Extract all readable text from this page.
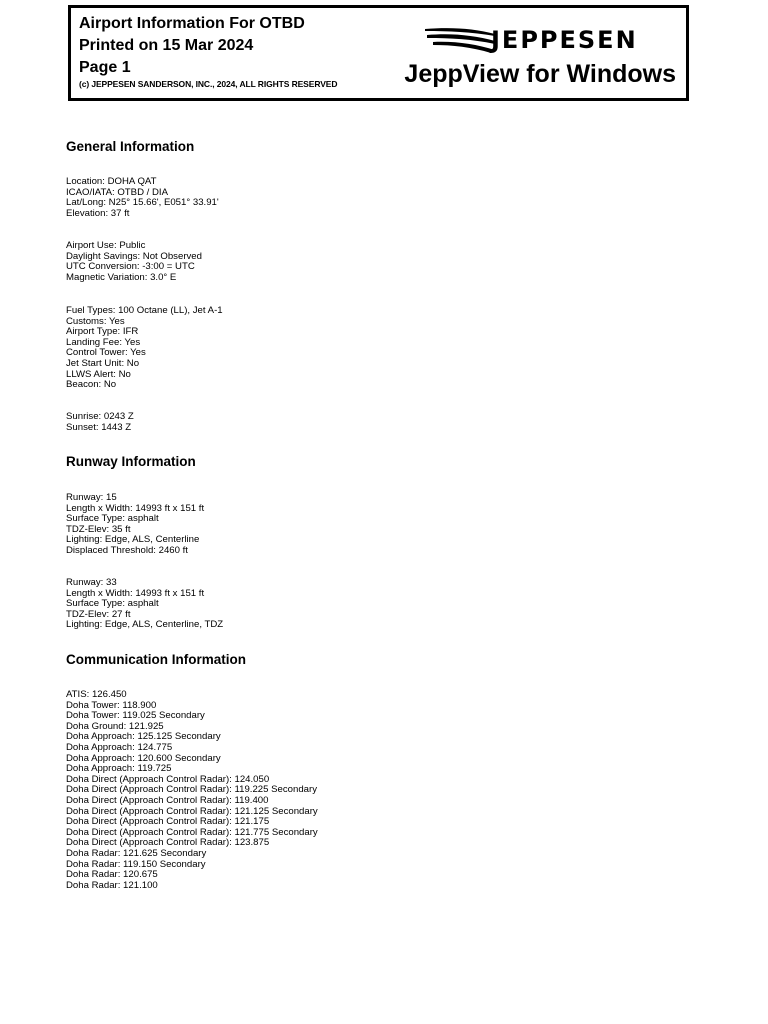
Airport Information For OTBD
Printed on 15 Mar 2024
Page 1
(c) JEPPESEN SANDERSON, INC., 2024, ALL RIGHTS RESERVED
JEPPESEN
JeppView for Windows
General Information
Location: DOHA QAT
ICAO/IATA: OTBD / DIA
Lat/Long: N25° 15.66', E051° 33.91'
Elevation: 37 ft
Airport Use: Public
Daylight Savings: Not Observed
UTC Conversion: -3:00 = UTC
Magnetic Variation: 3.0° E
Fuel Types: 100 Octane (LL), Jet A-1
Customs: Yes
Airport Type: IFR
Landing Fee: Yes
Control Tower: Yes
Jet Start Unit: No
LLWS Alert: No
Beacon: No
Sunrise: 0243 Z
Sunset: 1443 Z
Runway Information
Runway: 15
Length x Width: 14993 ft x 151 ft
Surface Type: asphalt
TDZ-Elev: 35 ft
Lighting: Edge, ALS, Centerline
Displaced Threshold: 2460 ft
Runway: 33
Length x Width: 14993 ft x 151 ft
Surface Type: asphalt
TDZ-Elev: 27 ft
Lighting: Edge, ALS, Centerline, TDZ
Communication Information
ATIS: 126.450
Doha Tower: 118.900
Doha Tower: 119.025 Secondary
Doha Ground: 121.925
Doha Approach: 125.125 Secondary
Doha Approach: 124.775
Doha Approach: 120.600 Secondary
Doha Approach: 119.725
Doha Direct (Approach Control Radar): 124.050
Doha Direct (Approach Control Radar): 119.225 Secondary
Doha Direct (Approach Control Radar): 119.400
Doha Direct (Approach Control Radar): 121.125 Secondary
Doha Direct (Approach Control Radar): 121.175
Doha Direct (Approach Control Radar): 121.775 Secondary
Doha Direct (Approach Control Radar): 123.875
Doha Radar: 121.625 Secondary
Doha Radar: 119.150 Secondary
Doha Radar: 120.675
Doha Radar: 121.100
